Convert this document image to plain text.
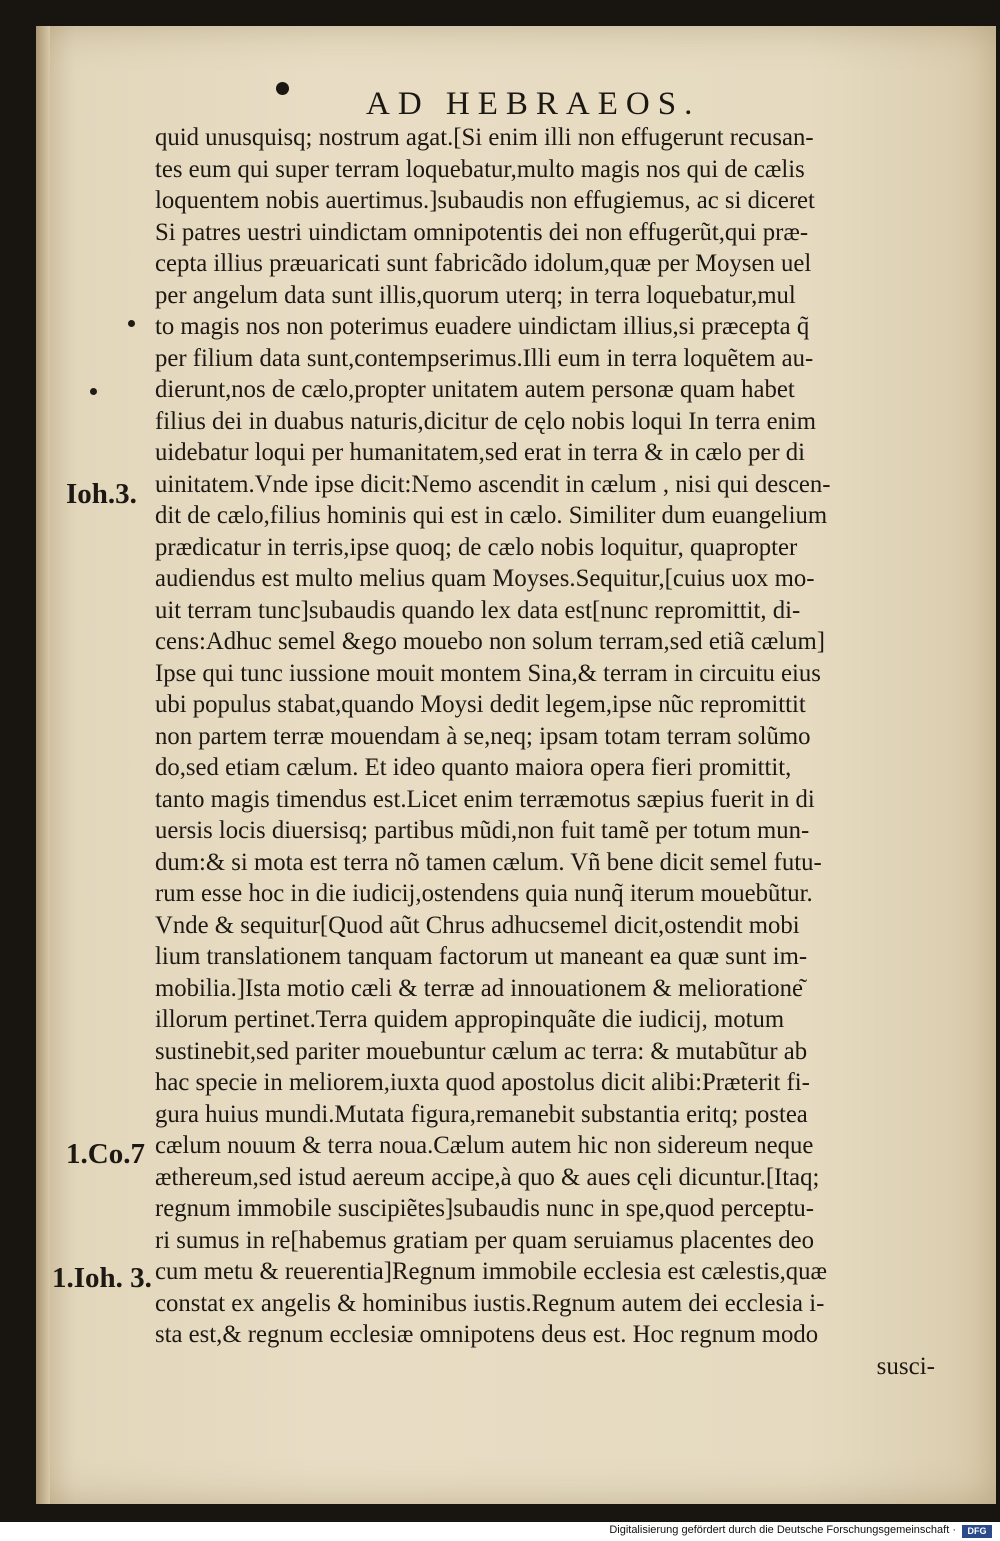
AD HEBRAEOS.
quid unusquisq; nostrum agat.[Si enim illi non effugerunt recusan-
tes eum qui super terram loquebatur,multo magis nos qui de cælis
loquentem nobis auertimus.]subaudis non effugiemus, ac si diceret
Si patres uestri uindictam omnipotentis dei non effugerũt,qui præ-
cepta illius præuaricati sunt fabricãdo idolum,quæ per Moysen uel
per angelum data sunt illis,quorum uterq; in terra loquebatur,mul
to magis nos non poterimus euadere uindictam illius,si præcepta q̃
per filium data sunt,contempserimus.Illi eum in terra loquẽtem au-
dierunt,nos de cælo,propter unitatem autem personæ quam habet
filius dei in duabus naturis,dicitur de cęlo nobis loqui In terra enim
uidebatur loqui per humanitatem,sed erat in terra & in cælo per di
uinitatem.Vnde ipse dicit:Nemo ascendit in cælum , nisi qui descen-
dit de cælo,filius hominis qui est in cælo. Similiter dum euangelium
prædicatur in terris,ipse quoq; de cælo nobis loquitur, quapropter
audiendus est multo melius quam Moyses.Sequitur,[cuius uox mo-
uit terram tunc]subaudis quando lex data est[nunc repromittit, di-
cens:Adhuc semel &ego mouebo non solum terram,sed etiã cælum]
Ipse qui tunc iussione mouit montem Sina,& terram in circuitu eius
ubi populus stabat,quando Moysi dedit legem,ipse nũc repromittit
non partem terræ mouendam à se,neq; ipsam totam terram solũmo
do,sed etiam cælum. Et ideo quanto maiora opera fieri promittit,
tanto magis timendus est.Licet enim terræmotus sæpius fuerit in di
uersis locis diuersisq; partibus mũdi,non fuit tamẽ per totum mun-
dum:& si mota est terra nõ tamen cælum. Vñ bene dicit semel futu-
rum esse hoc in die iudicij,ostendens quia nunq̃ iterum mouebũtur.
Vnde & sequitur[Quod aũt Chrus adhucsemel dicit,ostendit mobi
lium translationem tanquam factorum ut maneant ea quæ sunt im-
mobilia.]Ista motio cæli & terræ ad innouationem & melioratione͂
illorum pertinet.Terra quidem appropinquãte die iudicij, motum
sustinebit,sed pariter mouebuntur cælum ac terra: & mutabũtur ab
hac specie in meliorem,iuxta quod apostolus dicit alibi:Præterit fi-
gura huius mundi.Mutata figura,remanebit substantia eritq; postea
cælum nouum & terra noua.Cælum autem hic non sidereum neque
æthereum,sed istud aereum accipe,à quo & aues cęli dicuntur.[Itaq;
regnum immobile suscipiẽtes]subaudis nunc in spe,quod perceptu-
ri sumus in re[habemus gratiam per quam seruiamus placentes deo
cum metu & reuerentia]Regnum immobile ecclesia est cælestis,quæ
constat ex angelis & hominibus iustis.Regnum autem dei ecclesia i-
sta est,& regnum ecclesiæ omnipotens deus est. Hoc regnum modo
susci-
Ioh.3.
1.Co.7
1.Ioh. 3.
Digitalisierung gefördert durch die Deutsche Forschungsgemeinschaft ·	DFG
